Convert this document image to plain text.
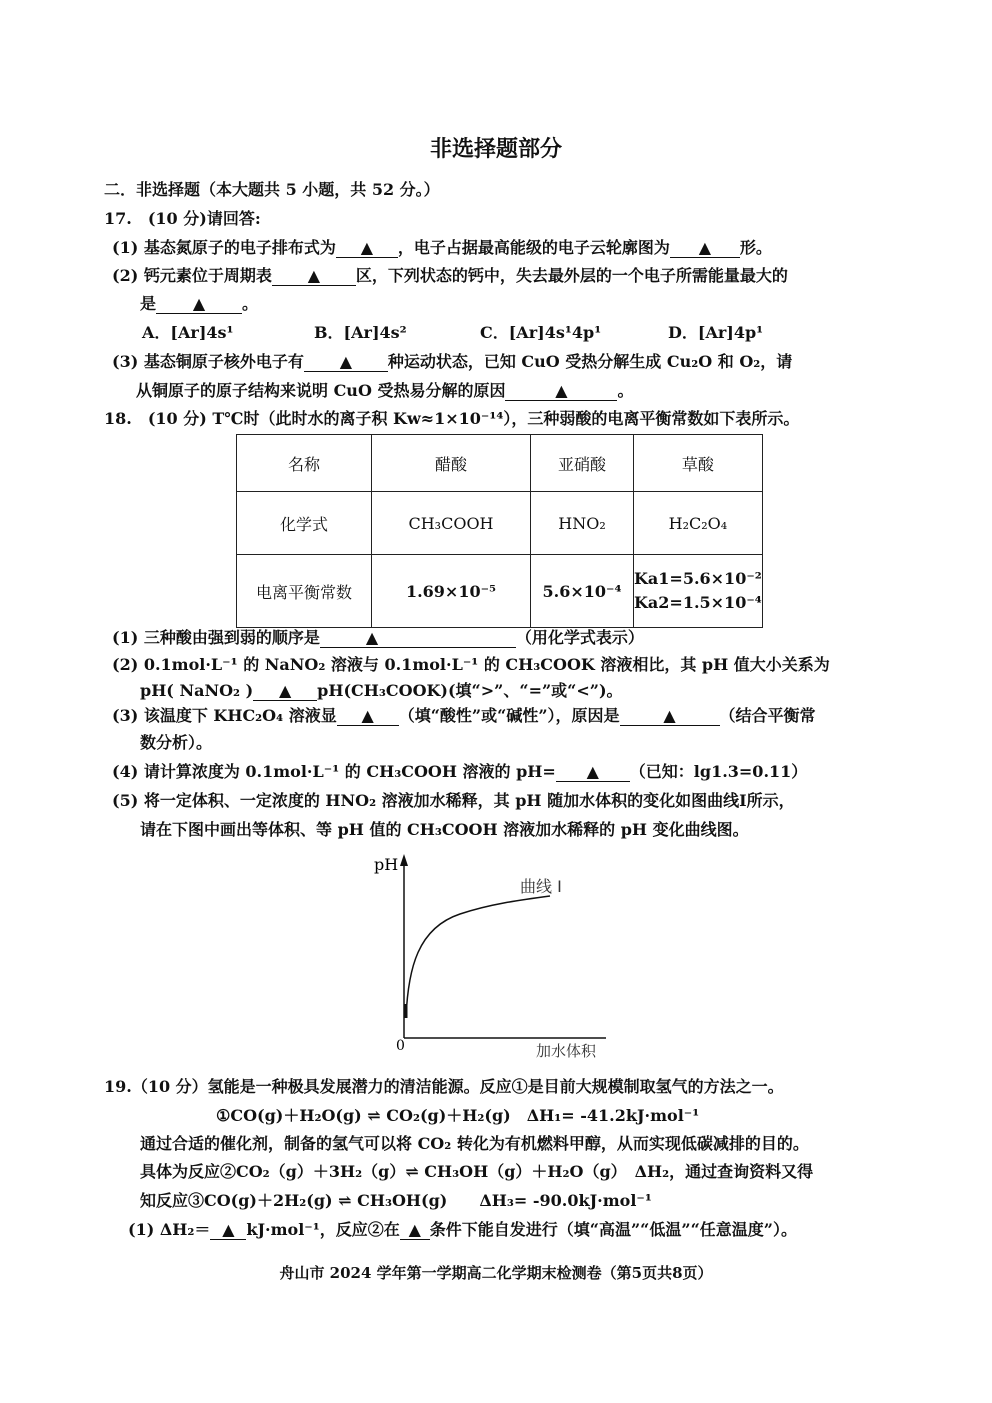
非选择题部分
二．非选择题（本大题共 5 小题，共 52 分。）
17.　(10 分)请回答:
(1) 基态氮原子的电子排布式为 ▲ ，电子占据最高能级的电子云轮廓图为 ▲ 形。
(2) 钙元素位于周期表 ▲ 区，下列状态的钙中，失去最外层的一个电子所需能量最大的
是 ▲ 。
A．[Ar]4s¹	B．[Ar]4s²	C．[Ar]4s¹4p¹	D．[Ar]4p¹
(3) 基态铜原子核外电子有 ▲ 种运动状态，已知 CuO 受热分解生成 Cu₂O 和 O₂，请
从铜原子的原子结构来说明 CuO 受热易分解的原因	▲	。
18.　(10 分) T℃时（此时水的离子积 Kw≈1×10⁻¹⁴），三种弱酸的电离平衡常数如下表所示。
名称	醋酸	亚硝酸	草酸
化学式	CH₃COOH	HNO₂	H₂C₂O₄
电离平衡常数	1.69×10⁻⁵	5.6×10⁻⁴	Ka1=5.6×10⁻²
Ka2=1.5×10⁻⁴
(1) 三种酸由强到弱的顺序是	▲	（用化学式表示）
(2) 0.1mol·L⁻¹ 的 NaNO₂ 溶液与 0.1mol·L⁻¹ 的 CH₃COOK 溶液相比，其 pH 值大小关系为
pH( NaNO₂ ) ▲ pH(CH₃COOK)(填“>”、“=”或“<”)。
(3) 该温度下 KHC₂O₄ 溶液显 ▲ （填“酸性”或“碱性”），原因是	▲	（结合平衡常
数分析）。
(4) 请计算浓度为 0.1mol·L⁻¹ 的 CH₃COOH 溶液的 pH= ▲ （已知：lg1.3=0.11）
(5) 将一定体积、一定浓度的 HNO₂ 溶液加水稀释，其 pH 随加水体积的变化如图曲线I所示，
请在下图中画出等体积、等 pH 值的 CH₃COOH 溶液加水稀释的 pH 变化曲线图。
pH
0	加水体积
曲线 I
19.（10 分）氢能是一种极具发展潜力的清洁能源。反应①是目前大规模制取氢气的方法之一。
①CO(g)＋H₂O(g) ⇌ CO₂(g)＋H₂(g)　ΔH₁= -41.2kJ·mol⁻¹
通过合适的催化剂，制备的氢气可以将 CO₂ 转化为有机燃料甲醇，从而实现低碳减排的目的。
具体为反应②CO₂（g）＋3H₂（g）⇌ CH₃OH（g）＋H₂O（g）　ΔH₂，通过查询资料又得
知反应③CO(g)＋2H₂(g) ⇌ CH₃OH(g)　　ΔH₃= -90.0kJ·mol⁻¹
(1) ΔH₂＝ ▲ kJ·mol⁻¹，反应②在 ▲ 条件下能自发进行（填“高温”“低温”“任意温度”）。
舟山市 2024 学年第一学期高二化学期末检测卷（第5页共8页）
